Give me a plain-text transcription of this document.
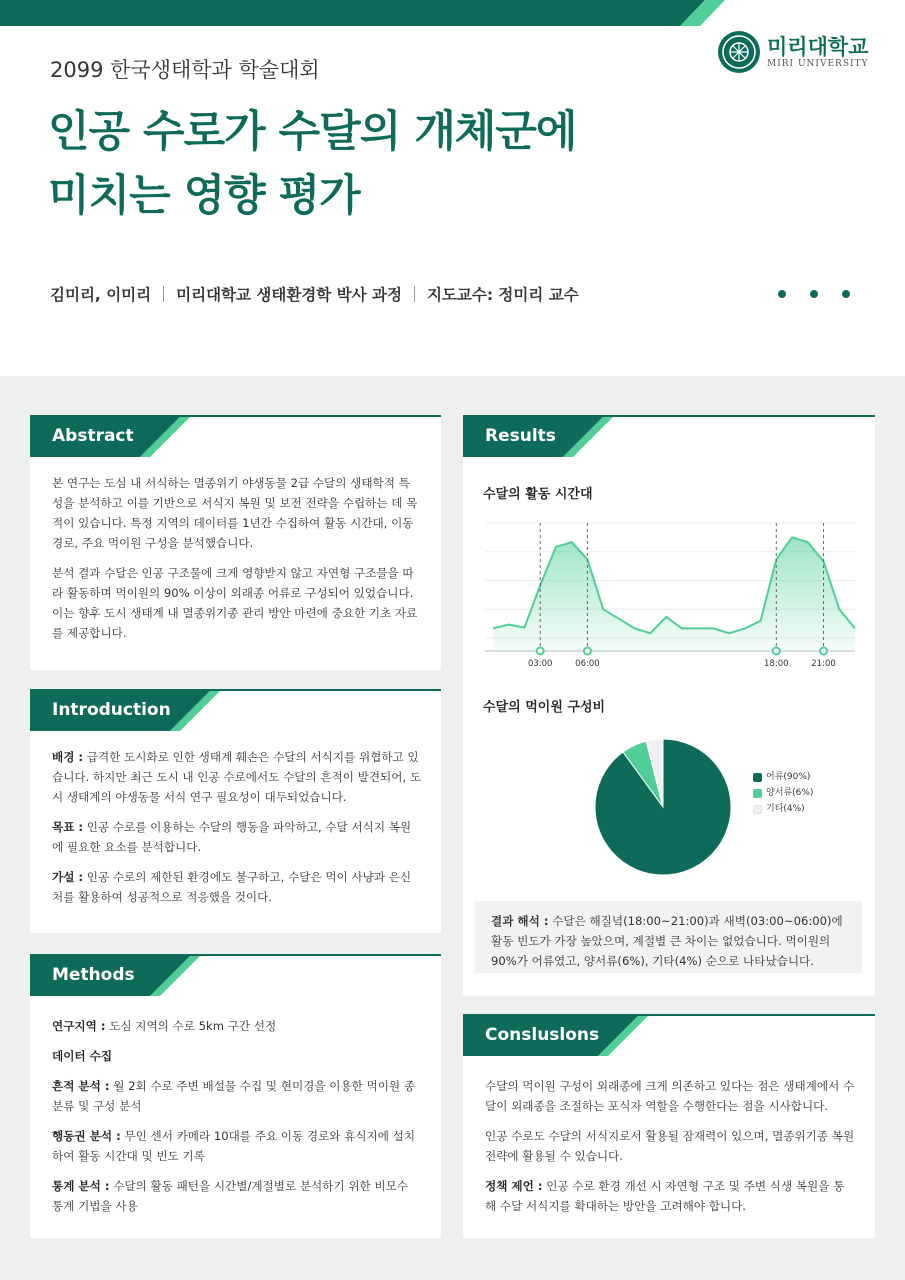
미리대학교
MIRI UNIVERSITY
2099 한국생태학과 학술대회
인공 수로가 수달의 개체군에
미치는 영향 평가
김미리, 이미리 미리대학교 생태환경학 박사 과정 지도교수: 정미리 교수
Abstract

본 연구는 도심 내 서식하는 멸종위기 야생동물 2급 수달의 생태학적 특성을 분석하고 이를 기반으로 서식지 복원 및 보전 전략을 수립하는 데 목적이 있습니다. 특정 지역의 데이터를 1년간 수집하여 활동 시간대, 이동 경로, 주요 먹이원 구성을 분석했습니다.

분석 결과 수달은 인공 구조물에 크게 영향받지 않고 자연형 구조물을 따라 활동하며 먹이원의 90% 이상이 외래종 어류로 구성되어 있었습니다. 이는 향후 도시 생태계 내 멸종위기종 관리 방안 마련에 중요한 기초 자료를 제공합니다.

Introduction

배경 : 급격한 도시화로 인한 생태계 훼손은 수달의 서식지를 위협하고 있습니다. 하지만 최근 도시 내 인공 수로에서도 수달의 흔적이 발견되어, 도시 생태계의 야생동물 서식 연구 필요성이 대두되었습니다.

목표 : 인공 수로를 이용하는 수달의 행동을 파악하고, 수달 서식지 복원에 필요한 요소를 분석합니다.

가설 : 인공 수로의 제한된 환경에도 불구하고, 수달은 먹이 사냥과 은신처를 활용하여 성공적으로 적응했을 것이다.

Methods

연구지역 : 도심 지역의 수로 5km 구간 선정

데이터 수집

흔적 분석 : 월 2회 수로 주변 배설물 수집 및 현미경을 이용한 먹이원 종 분류 및 구성 분석

행동권 분석 : 무인 센서 카메라 10대를 주요 이동 경로와 휴식지에 설치하여 활동 시간대 및 빈도 기록

통계 분석 : 수달의 활동 패턴을 시간별/계절별로 분석하기 위한 비모수 통계 기법을 사용

Results
수달의 활동 시간대
03:00	06:00	18:00	21:00
수달의 먹이원 구성비
어류(90%)
양서류(6%)
기타(4%)
결과 해석 : 수달은 해질녘(18:00~21:00)과 새벽(03:00~06:00)에 활동 빈도가 가장 높았으며, 계절별 큰 차이는 없었습니다. 먹이원의 90%가 어류였고, 양서류(6%), 기타(4%) 순으로 나타났습니다.
Consluslons

수달의 먹이원 구성이 외래종에 크게 의존하고 있다는 점은 생태계에서 수달이 외래종을 조절하는 포식자 역할을 수행한다는 점을 시사합니다.

인공 수로도 수달의 서식지로서 활용될 잠재력이 있으며, 멸종위기종 복원 전략에 활용될 수 있습니다.

정책 제언 : 인공 수로 환경 개선 시 자연형 구조 및 주변 식생 복원을 통해 수달 서식지를 확대하는 방안을 고려해야 합니다.
